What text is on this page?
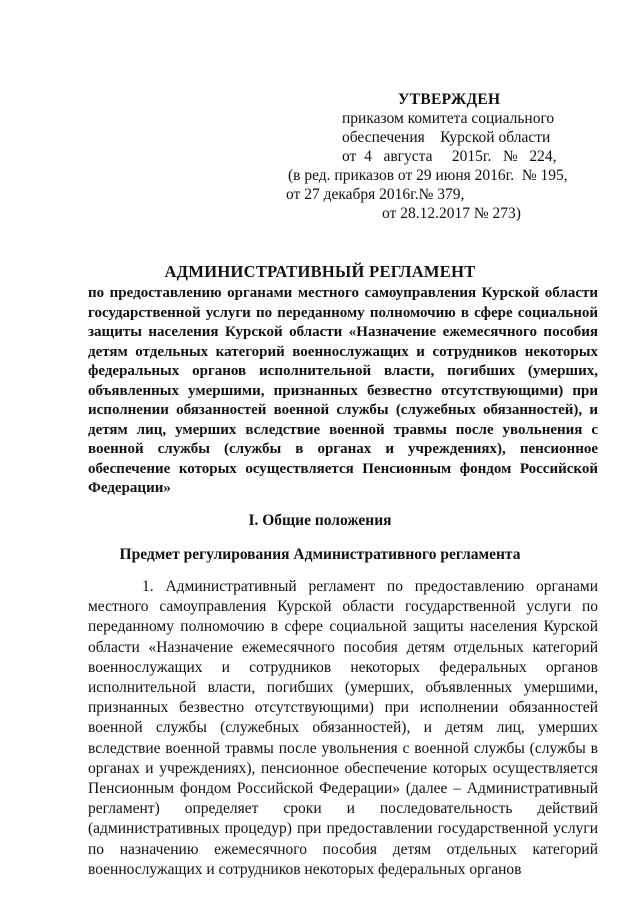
УТВЕРЖДЕН
приказом комитета социального
обеспечения    Курской области
от  4   августа     2015г.   №   224,
(в ред. приказов от 29 июня 2016г.  № 195,
от 27 декабря 2016г.№ 379,
от 28.12.2017 № 273)
АДМИНИСТРАТИВНЫЙ РЕГЛАМЕНТ
по предоставлению органами местного самоуправления Курской области государственной услуги по переданному полномочию в сфере социальной защиты населения Курской области «Назначение ежемесячного пособия детям отдельных категорий военнослужащих и сотрудников некоторых федеральных органов исполнительной власти, погибших (умерших, объявленных умершими, признанных безвестно отсутствующими) при исполнении обязанностей военной службы (служебных обязанностей), и детям лиц, умерших вследствие военной травмы после увольнения с военной службы (службы в органах и учреждениях), пенсионное обеспечение которых осуществляется Пенсионным фондом Российской Федерации»
I. Общие положения
Предмет регулирования Административного регламента
1. Административный регламент по предоставлению органами местного самоуправления Курской области государственной услуги по переданному полномочию в сфере социальной защиты населения Курской области «Назначение ежемесячного пособия детям отдельных категорий военнослужащих и сотрудников некоторых федеральных органов исполнительной власти, погибших (умерших, объявленных умершими, признанных безвестно отсутствующими) при исполнении обязанностей военной службы (служебных обязанностей), и детям лиц, умерших вследствие военной травмы после увольнения с военной службы (службы в органах и учреждениях), пенсионное обеспечение которых осуществляется Пенсионным фондом Российской Федерации» (далее – Административный регламент) определяет сроки и последовательность действий (административных процедур) при предоставлении государственной услуги по назначению ежемесячного пособия детям отдельных категорий военнослужащих и сотрудников некоторых федеральных органов
